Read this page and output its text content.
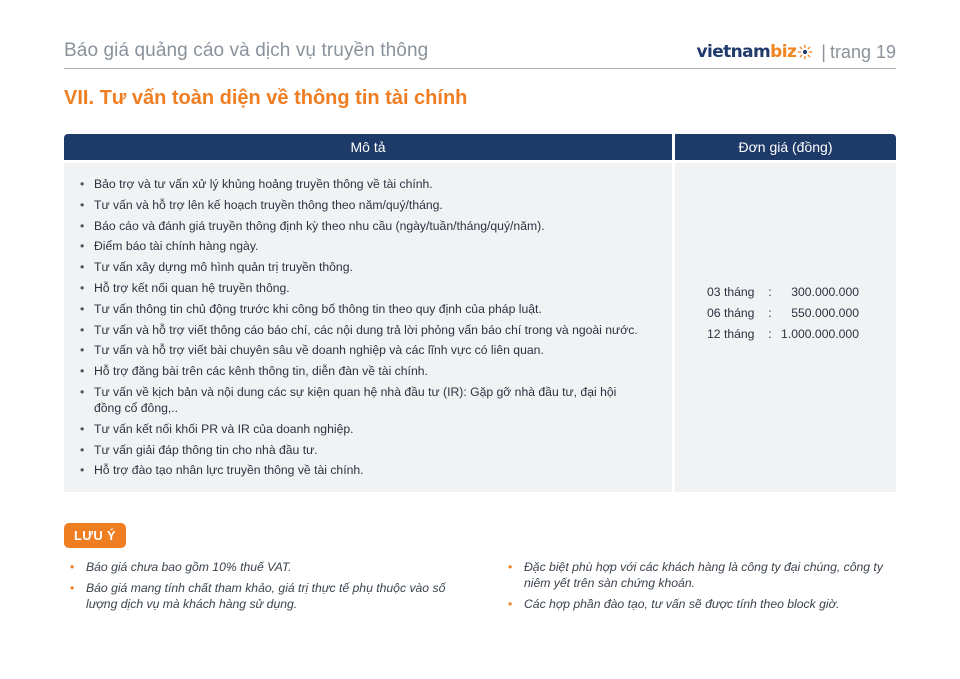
Báo giá quảng cáo và dịch vụ truyền thông	vietnam biz | trang 19
VII. Tư vấn toàn diện về thông tin tài chính
Mô tả	Đơn giá (đồng)
• Bảo trợ và tư vấn xử lý khủng hoảng truyền thông về tài chính.
• Tư vấn và hỗ trợ lên kế hoạch truyền thông theo năm/quý/tháng.
• Báo cáo và đánh giá truyền thông định kỳ theo nhu cầu (ngày/tuần/tháng/quý/năm).
• Điểm báo tài chính hàng ngày.
• Tư vấn xây dựng mô hình quản trị truyền thông.
• Hỗ trợ kết nối quan hệ truyền thông.
• Tư vấn thông tin chủ động trước khi công bố thông tin theo quy định của pháp luật.
• Tư vấn và hỗ trợ viết thông cáo báo chí, các nội dung trả lời phỏng vấn báo chí trong và ngoài nước.
• Tư vấn và hỗ trợ viết bài chuyên sâu về doanh nghiệp và các lĩnh vực có liên quan.
• Hỗ trợ đăng bài trên các kênh thông tin, diễn đàn về tài chính.
• Tư vấn về kịch bản và nội dung các sự kiện quan hệ nhà đầu tư (IR): Gặp gỡ nhà đầu tư, đại hội đồng cổ đông,..
• Tư vấn kết nối khối PR và IR của doanh nghiệp.
• Tư vấn giải đáp thông tin cho nhà đầu tư.
• Hỗ trợ đào tạo nhân lực truyền thông về tài chính.
03 tháng	:	300.000.000
06 tháng	:	550.000.000
12 tháng	: 1.000.000.000
LƯU Ý
• Báo giá chưa bao gồm 10% thuế VAT.
• Báo giá mang tính chất tham khảo, giá trị thực tế phụ thuộc vào số lượng dịch vụ mà khách hàng sử dụng.
• Đặc biệt phù hợp với các khách hàng là công ty đại chúng, công ty niêm yết trên sàn chứng khoán.
• Các hợp phần đào tạo, tư vấn sẽ được tính theo block giờ.
